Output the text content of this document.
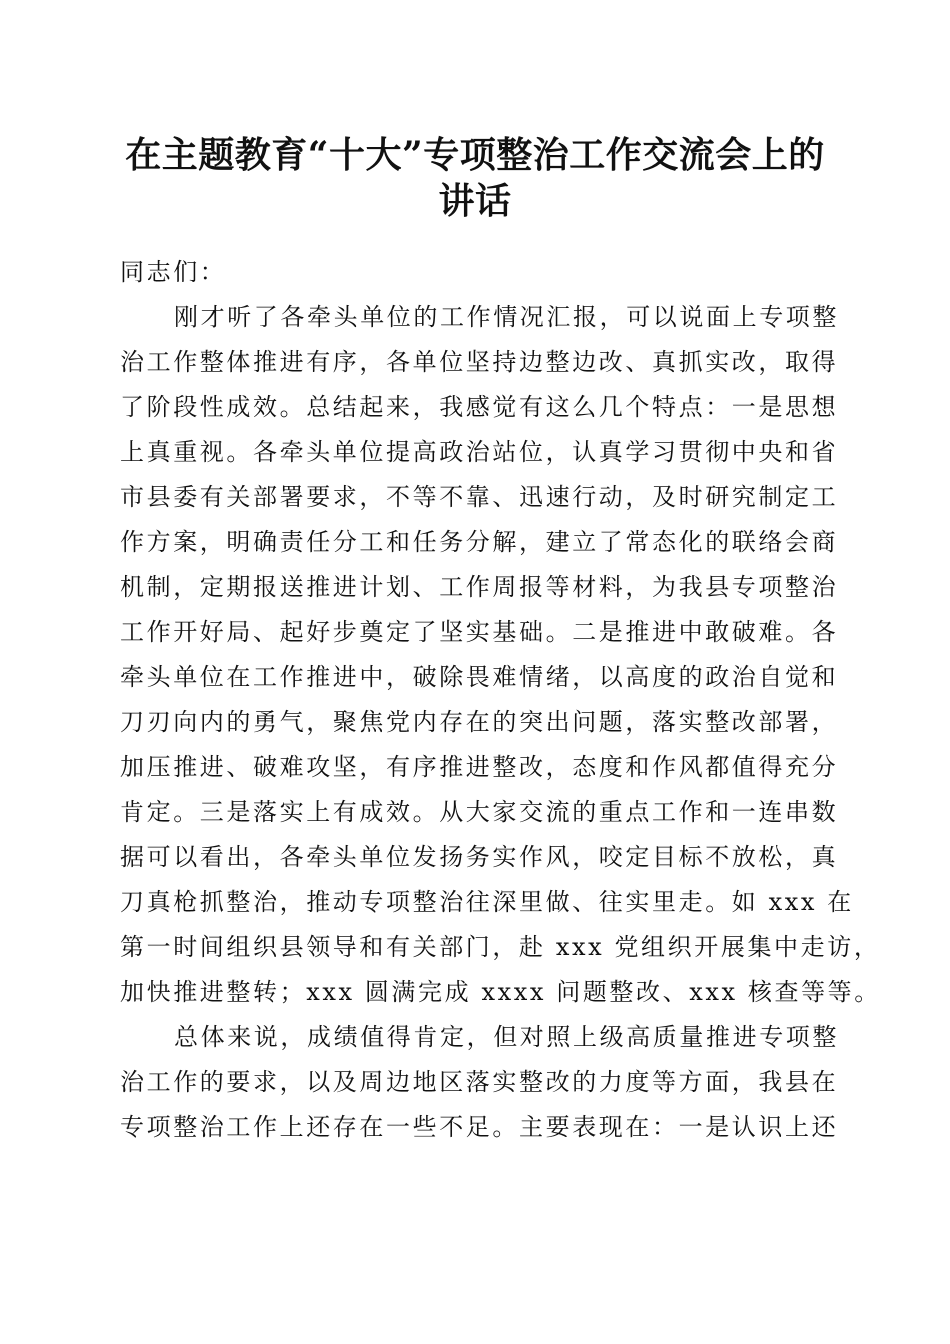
在主题教育“十大”专项整治工作交流会上的
讲话
同志们：
刚才听了各牵头单位的工作情况汇报，可以说面上专项整
治工作整体推进有序，各单位坚持边整边改、真抓实改，取得
了阶段性成效。总结起来，我感觉有这么几个特点：一是思想
上真重视。各牵头单位提高政治站位，认真学习贯彻中央和省
市县委有关部署要求，不等不靠、迅速行动，及时研究制定工
作方案，明确责任分工和任务分解，建立了常态化的联络会商
机制，定期报送推进计划、工作周报等材料，为我县专项整治
工作开好局、起好步奠定了坚实基础。二是推进中敢破难。各
牵头单位在工作推进中，破除畏难情绪，以高度的政治自觉和
刀刃向内的勇气，聚焦党内存在的突出问题，落实整改部署，
加压推进、破难攻坚，有序推进整改，态度和作风都值得充分
肯定。三是落实上有成效。从大家交流的重点工作和一连串数
据可以看出，各牵头单位发扬务实作风，咬定目标不放松，真
刀真枪抓整治，推动专项整治往深里做、往实里走。如 xxx 在
第一时间组织县领导和有关部门，赴 xxx 党组织开展集中走访，
加快推进整转；xxx 圆满完成 xxxx 问题整改、xxx 核查等等。
总体来说，成绩值得肯定，但对照上级高质量推进专项整
治工作的要求，以及周边地区落实整改的力度等方面，我县在
专项整治工作上还存在一些不足。主要表现在：一是认识上还
